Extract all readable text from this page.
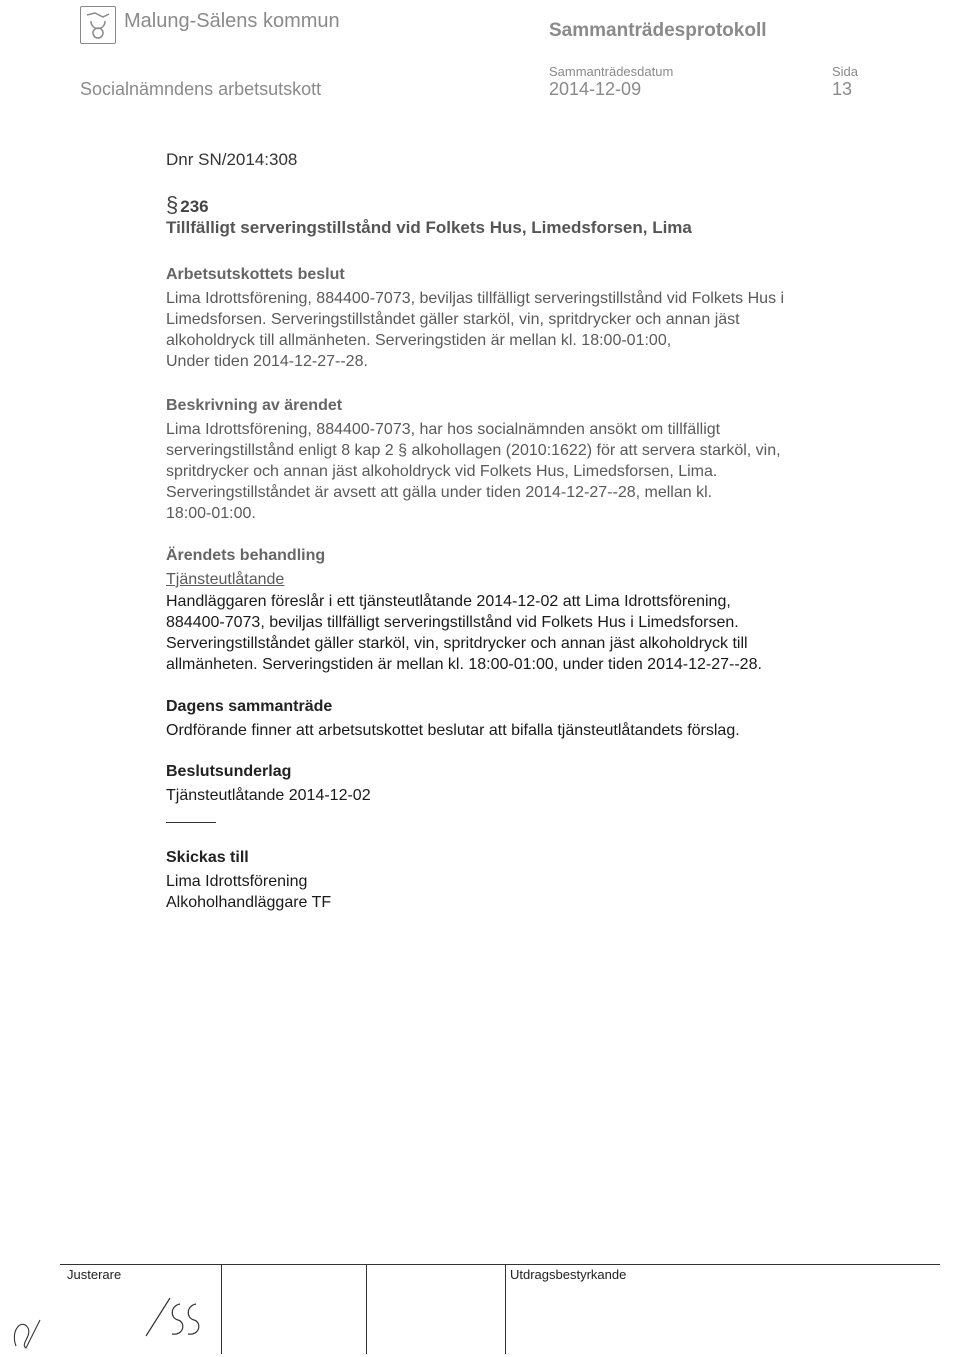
Malung-Sälens kommun	Sammanträdesprotokoll
Socialnämndens arbetsutskott
Sammanträdesdatum
2014-12-09
Sida
13
Dnr SN/2014:308
§ 236
Tillfälligt serveringstillstånd vid Folkets Hus, Limedsforsen, Lima
Arbetsutskottets beslut
Lima Idrottsförening, 884400-7073, beviljas tillfälligt serveringstillstånd vid Folkets Hus i
Limedsforsen. Serveringstillståndet gäller starköl, vin, spritdrycker och annan jäst
alkoholdryck till allmänheten. Serveringstiden är mellan kl. 18:00-01:00,
Under tiden 2014-12-27--28.
Beskrivning av ärendet
Lima Idrottsförening, 884400-7073, har hos socialnämnden ansökt om tillfälligt
serveringstillstånd enligt 8 kap 2 § alkohollagen (2010:1622) för att servera starköl, vin,
spritdrycker och annan jäst alkoholdryck vid Folkets Hus, Limedsforsen, Lima.
Serveringstillståndet är avsett att gälla under tiden 2014-12-27--28, mellan kl.
18:00-01:00.
Ärendets behandling
Tjänsteutlåtande
Handläggaren föreslår i ett tjänsteutlåtande 2014-12-02 att Lima Idrottsförening,
884400-7073, beviljas tillfälligt serveringstillstånd vid Folkets Hus i Limedsforsen.
Serveringstillståndet gäller starköl, vin, spritdrycker och annan jäst alkoholdryck till
allmänheten. Serveringstiden är mellan kl. 18:00-01:00, under tiden 2014-12-27--28.
Dagens sammanträde
Ordförande finner att arbetsutskottet beslutar att bifalla tjänsteutlåtandets förslag.
Beslutsunderlag
Tjänsteutlåtande 2014-12-02
Skickas till
Lima Idrottsförening
Alkoholhandläggare TF
Justerare	Utdragsbestyrkande
